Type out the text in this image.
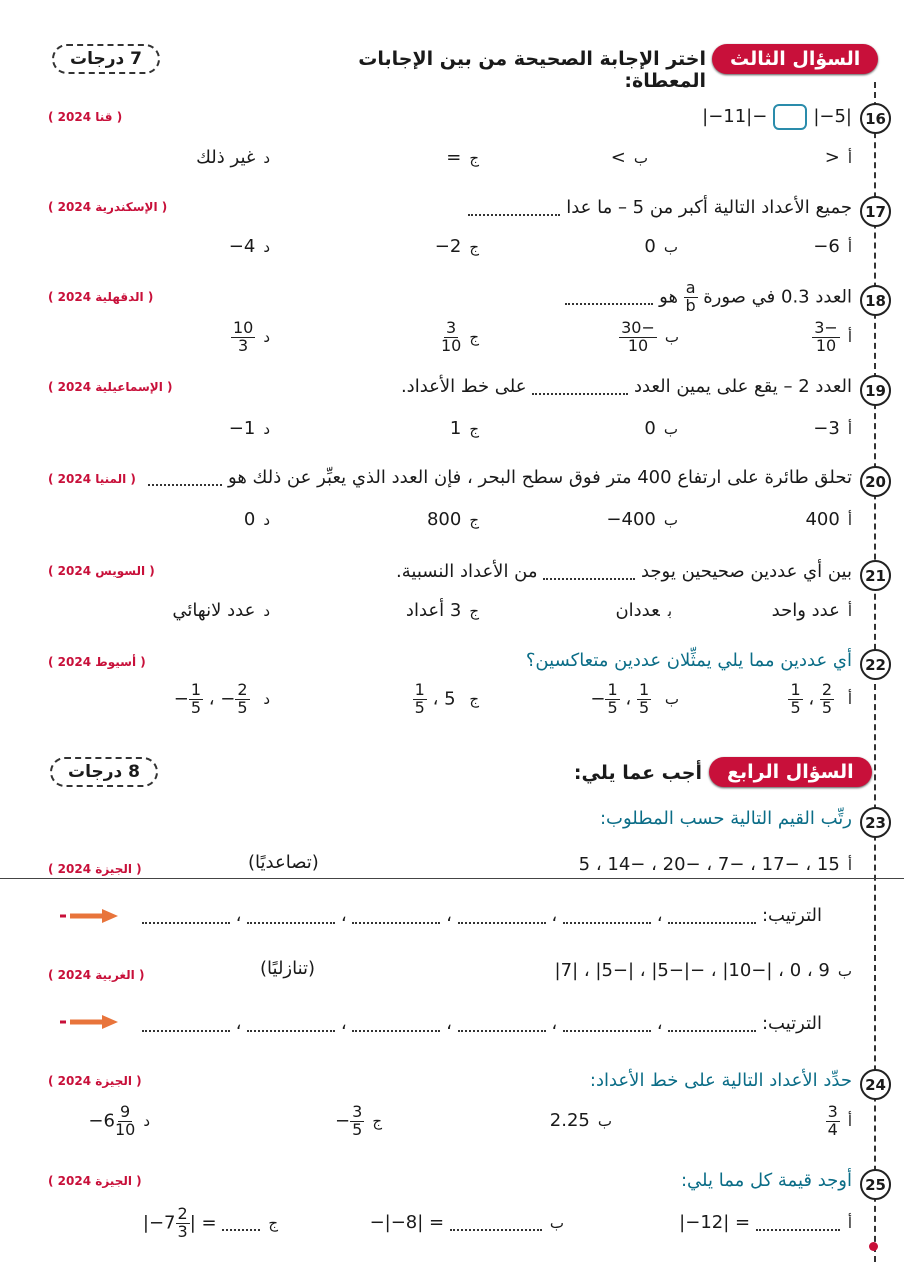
السؤال الثالث
اختر الإجابة الصحيحة من بين الإجابات المعطاة:
7 درجات
16
|−5||−11|−
( قنا 2024 )
أ<
ب>
ج=
دغير ذلك
17
جميع الأعداد التالية أكبر من 5 – ما عدا
( الإسكندرية 2024 )
أ−6
ب0
ج−2
د−4
18
العدد 0.3 في صورة
$\frac{a}{b}$
هو
( الدقهلية 2024 )
أ
$\frac{-3}{10}$
ب
$\frac{-30}{10}$
ج
$\frac{3}{10}$
د
$\frac{10}{3}$
19
العدد 2 – يقع على يمين العدد  على خط الأعداد.
( الإسماعيلية 2024 )
أ−3
ب0
ج1
د−1
20
تحلق طائرة على ارتفاع 400 متر فوق سطح البحر ، فإن العدد الذي يعبِّر عن ذلك هو
( المنيا 2024 )
أ400
ب−400
ج800
د0
21
بين أي عددين صحيحين يوجد  من الأعداد النسبية.
( السويس 2024 )
أعدد واحد
بعددان
ج3 أعداد
دعدد لانهائي
22
أي عددين مما يلي يمثِّلان عددين متعاكسين؟
( أسيوط 2024 )
أ
$\frac{1}{5}$ ، $\frac{2}{5}$
ب − $\frac{1}{5}$ ، $\frac{1}{5}$
ج
$\frac{1}{5}$ ، 5
د − $\frac{1}{5}$ ، − $\frac{2}{5}$
السؤال الرابع
أجب عما يلي:
8 درجات
23
رتِّب القيم التالية حسب المطلوب:
أ15 ، −17 ، −7 ، −20 ، −14 ، 5
(تصاعديًا)
( الجيزة 2024 )
الترتيب:  ،  ،  ،  ،  ،
ب9 ، 0 ، |−10| ، −|−5| ، |−5| ، |7|
(تنازليًا)
( الغربية 2024 )
الترتيب:  ،  ،  ،  ،  ،
24
حدِّد الأعداد التالية على خط الأعداد:
( الجيزة 2024 )
أ
$\frac{3}{4}$
ب2.25
ج− $\frac{3}{5}$
د−6 $\frac{9}{10}$
25
أوجد قيمة كل مما يلي:
( الجيزة 2024 )
أ|−12| =
ب−|−8| =
ج|−7 $\frac{2}{3}$ | =
